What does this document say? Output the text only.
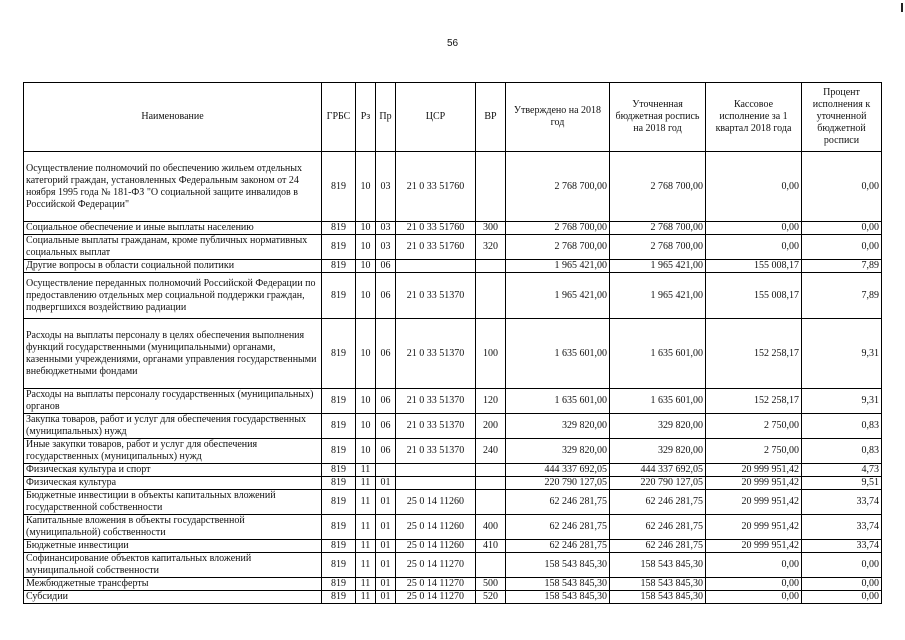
56
Наименование	ГРБС	Рз	Пр	ЦСР	ВР	Утверждено на 2018 год	Уточненная бюджетная роспись на 2018 год	Кассовое исполнение за 1 квартал 2018 года	Процент исполнения к уточненной бюджетной росписи
Осуществление полномочий по обеспечению жильем отдельных категорий граждан, установленных Федеральным законом от 24 ноября 1995 года № 181-ФЗ "О социальной защите инвалидов в Российской Федерации"	819	10	03	21 0 33 51760		2 768 700,00	2 768 700,00	0,00	0,00
Социальное обеспечение и иные выплаты населению	819	10	03	21 0 33 51760	300	2 768 700,00	2 768 700,00	0,00	0,00
Социальные выплаты гражданам, кроме публичных нормативных социальных выплат	819	10	03	21 0 33 51760	320	2 768 700,00	2 768 700,00	0,00	0,00
Другие вопросы в области социальной политики	819	10	06			1 965 421,00	1 965 421,00	155 008,17	7,89
Осуществление переданных полномочий Российской Федерации по предоставлению отдельных мер социальной поддержки граждан, подвергшихся воздействию радиации	819	10	06	21 0 33 51370		1 965 421,00	1 965 421,00	155 008,17	7,89
Расходы на выплаты персоналу в целях обеспечения выполнения функций государственными (муниципальными) органами, казенными учреждениями, органами управления государственными внебюджетными фондами	819	10	06	21 0 33 51370	100	1 635 601,00	1 635 601,00	152 258,17	9,31
Расходы на выплаты персоналу государственных (муниципальных) органов	819	10	06	21 0 33 51370	120	1 635 601,00	1 635 601,00	152 258,17	9,31
Закупка товаров, работ и услуг для обеспечения государственных (муниципальных) нужд	819	10	06	21 0 33 51370	200	329 820,00	329 820,00	2 750,00	0,83
Иные закупки товаров, работ и услуг для обеспечения государственных (муниципальных) нужд	819	10	06	21 0 33 51370	240	329 820,00	329 820,00	2 750,00	0,83
Физическая культура и спорт	819	11				444 337 692,05	444 337 692,05	20 999 951,42	4,73
Физическая культура	819	11	01			220 790 127,05	220 790 127,05	20 999 951,42	9,51
Бюджетные инвестиции в объекты капитальных вложений государственной собственности	819	11	01	25 0 14 11260		62 246 281,75	62 246 281,75	20 999 951,42	33,74
Капитальные вложения в объекты государственной (муниципальной) собственности	819	11	01	25 0 14 11260	400	62 246 281,75	62 246 281,75	20 999 951,42	33,74
Бюджетные инвестиции	819	11	01	25 0 14 11260	410	62 246 281,75	62 246 281,75	20 999 951,42	33,74
Софинансирование объектов капитальных вложений муниципальной собственности	819	11	01	25 0 14 11270		158 543 845,30	158 543 845,30	0,00	0,00
Межбюджетные трансферты	819	11	01	25 0 14 11270	500	158 543 845,30	158 543 845,30	0,00	0,00
Субсидии	819	11	01	25 0 14 11270	520	158 543 845,30	158 543 845,30	0,00	0,00
